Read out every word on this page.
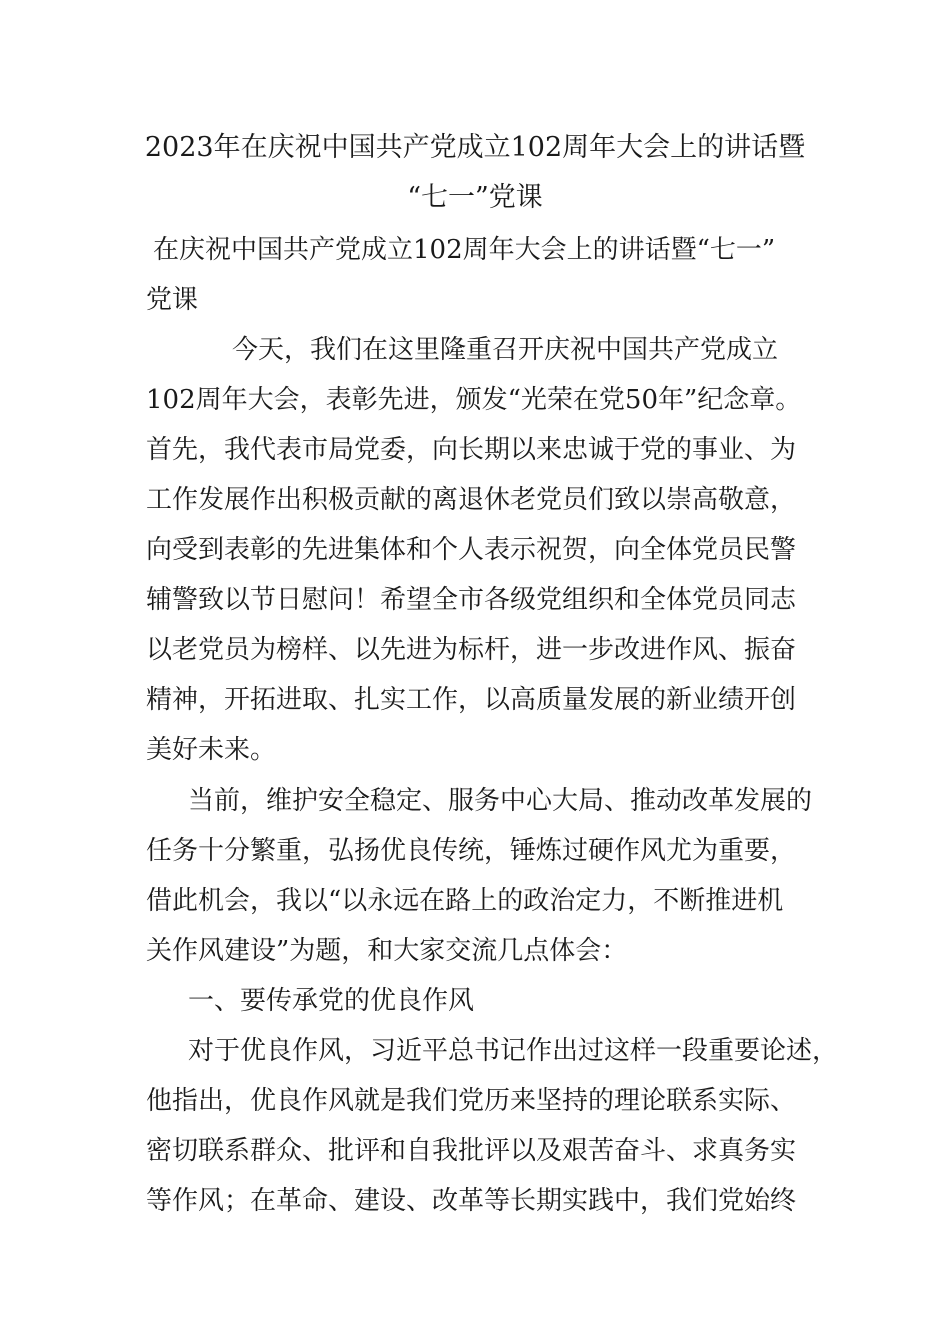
2023年在庆祝中国共产党成立102周年大会上的讲话暨
“七一”党课
在庆祝中国共产党成立102周年大会上的讲话暨“七一”
党课
今天，我们在这里隆重召开庆祝中国共产党成立
102周年大会，表彰先进，颁发“光荣在党50年”纪念章。
首先，我代表市局党委，向长期以来忠诚于党的事业、为
工作发展作出积极贡献的离退休老党员们致以崇高敬意，
向受到表彰的先进集体和个人表示祝贺，向全体党员民警
辅警致以节日慰问！希望全市各级党组织和全体党员同志
以老党员为榜样、以先进为标杆，进一步改进作风、振奋
精神，开拓进取、扎实工作，以高质量发展的新业绩开创
美好未来。
当前，维护安全稳定、服务中心大局、推动改革发展的
任务十分繁重，弘扬优良传统，锤炼过硬作风尤为重要，
借此机会，我以“以永远在路上的政治定力，不断推进机
关作风建设”为题，和大家交流几点体会：
一、要传承党的优良作风
对于优良作风，习近平总书记作出过这样一段重要论述，
他指出，优良作风就是我们党历来坚持的理论联系实际、
密切联系群众、批评和自我批评以及艰苦奋斗、求真务实
等作风；在革命、建设、改革等长期实践中，我们党始终
